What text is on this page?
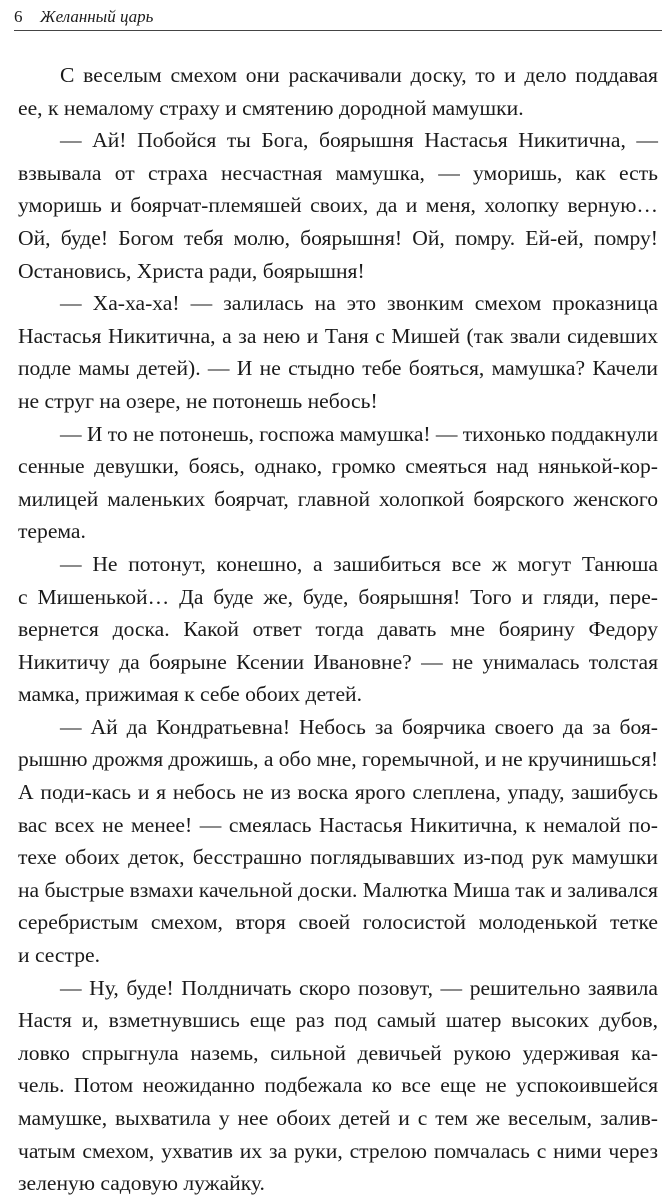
6 Желанный царь
С веселым смехом они раскачивали доску, то и дело поддавая
ее, к немалому страху и смятению дородной мамушки.
— Ай! Побойся ты Бога, боярышня Настасья Никитична, —
взвывала от страха несчастная мамушка, — уморишь, как есть
уморишь и боярчат-племяшей своих, да и меня, холопку верную…
Ой, буде! Богом тебя молю, боярышня! Ой, помру. Ей-ей, помру!
Остановись, Христа ради, боярышня!
— Ха-ха-ха! — залилась на это звонким смехом проказница
Настасья Никитична, а за нею и Таня с Мишей (так звали сидевших
подле мамы детей). — И не стыдно тебе бояться, мамушка? Качели
не струг на озере, не потонешь небось!
— И то не потонешь, госпожа мамушка! — тихонько поддакнули
сенные девушки, боясь, однако, громко смеяться над нянькой-кор-
милицей маленьких боярчат, главной холопкой боярского женского
терема.
— Не потонут, конешно, а зашибиться все ж могут Танюша
с Мишенькой… Да буде же, буде, боярышня! Того и гляди, пере-
вернется доска. Какой ответ тогда давать мне боярину Федору
Никитичу да боярыне Ксении Ивановне? — не унималась толстая
мамка, прижимая к себе обоих детей.
— Ай да Кондратьевна! Небось за боярчика своего да за боя-
рышню дрожмя дрожишь, а обо мне, горемычной, и не кручинишься!
А поди-кась и я небось не из воска ярого слеплена, упаду, зашибусь
вас всех не менее! — смеялась Настасья Никитична, к немалой по-
техе обоих деток, бесстрашно поглядывавших из-под рук мамушки
на быстрые взмахи качельной доски. Малютка Миша так и заливался
серебристым смехом, вторя своей голосистой молоденькой тетке
и сестре.
— Ну, буде! Полдничать скоро позовут, — решительно заявила
Настя и, взметнувшись еще раз под самый шатер высоких дубов,
ловко спрыгнула наземь, сильной девичьей рукою удерживая ка-
чель. Потом неожиданно подбежала ко все еще не успокоившейся
мамушке, выхватила у нее обоих детей и с тем же веселым, залив-
чатым смехом, ухватив их за руки, стрелою помчалась с ними через
зеленую садовую лужайку.
